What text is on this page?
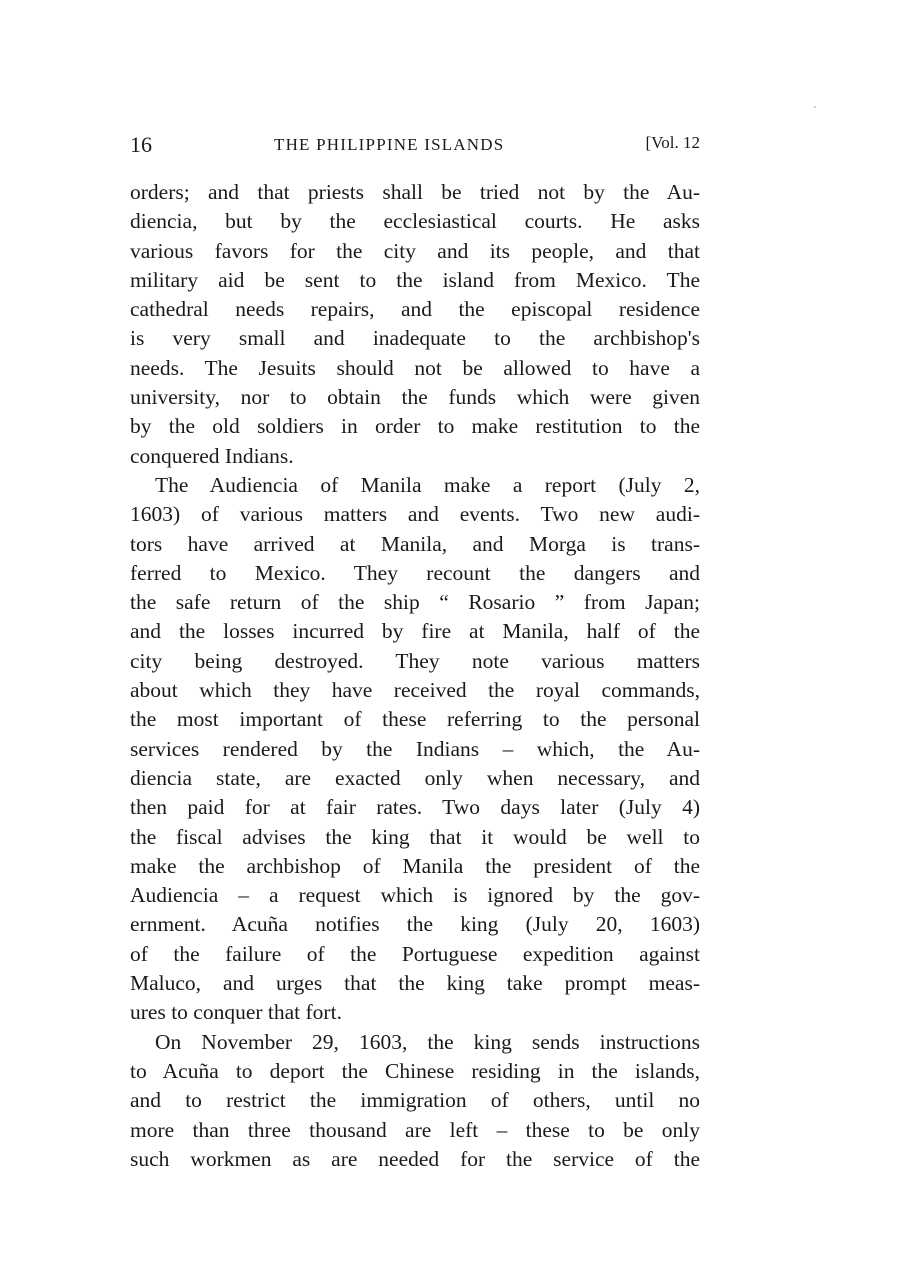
16	THE PHILIPPINE ISLANDS	[Vol. 12
orders; and that priests shall be tried not by the Au-
diencia, but by the ecclesiastical courts. He asks
various favors for the city and its people, and that
military aid be sent to the island from Mexico. The
cathedral needs repairs, and the episcopal residence
is very small and inadequate to the archbishop's
needs. The Jesuits should not be allowed to have a
university, nor to obtain the funds which were given
by the old soldiers in order to make restitution to the
conquered Indians.
The Audiencia of Manila make a report (July 2,
1603) of various matters and events. Two new audi-
tors have arrived at Manila, and Morga is trans-
ferred to Mexico. They recount the dangers and
the safe return of the ship “ Rosario ” from Japan;
and the losses incurred by fire at Manila, half of the
city being destroyed. They note various matters
about which they have received the royal commands,
the most important of these referring to the personal
services rendered by the Indians – which, the Au-
diencia state, are exacted only when necessary, and
then paid for at fair rates. Two days later (July 4)
the fiscal advises the king that it would be well to
make the archbishop of Manila the president of the
Audiencia – a request which is ignored by the gov-
ernment. Acuña notifies the king (July 20, 1603)
of the failure of the Portuguese expedition against
Maluco, and urges that the king take prompt meas-
ures to conquer that fort.
On November 29, 1603, the king sends instructions
to Acuña to deport the Chinese residing in the islands,
and to restrict the immigration of others, until no
more than three thousand are left – these to be only
such workmen as are needed for the service of the
